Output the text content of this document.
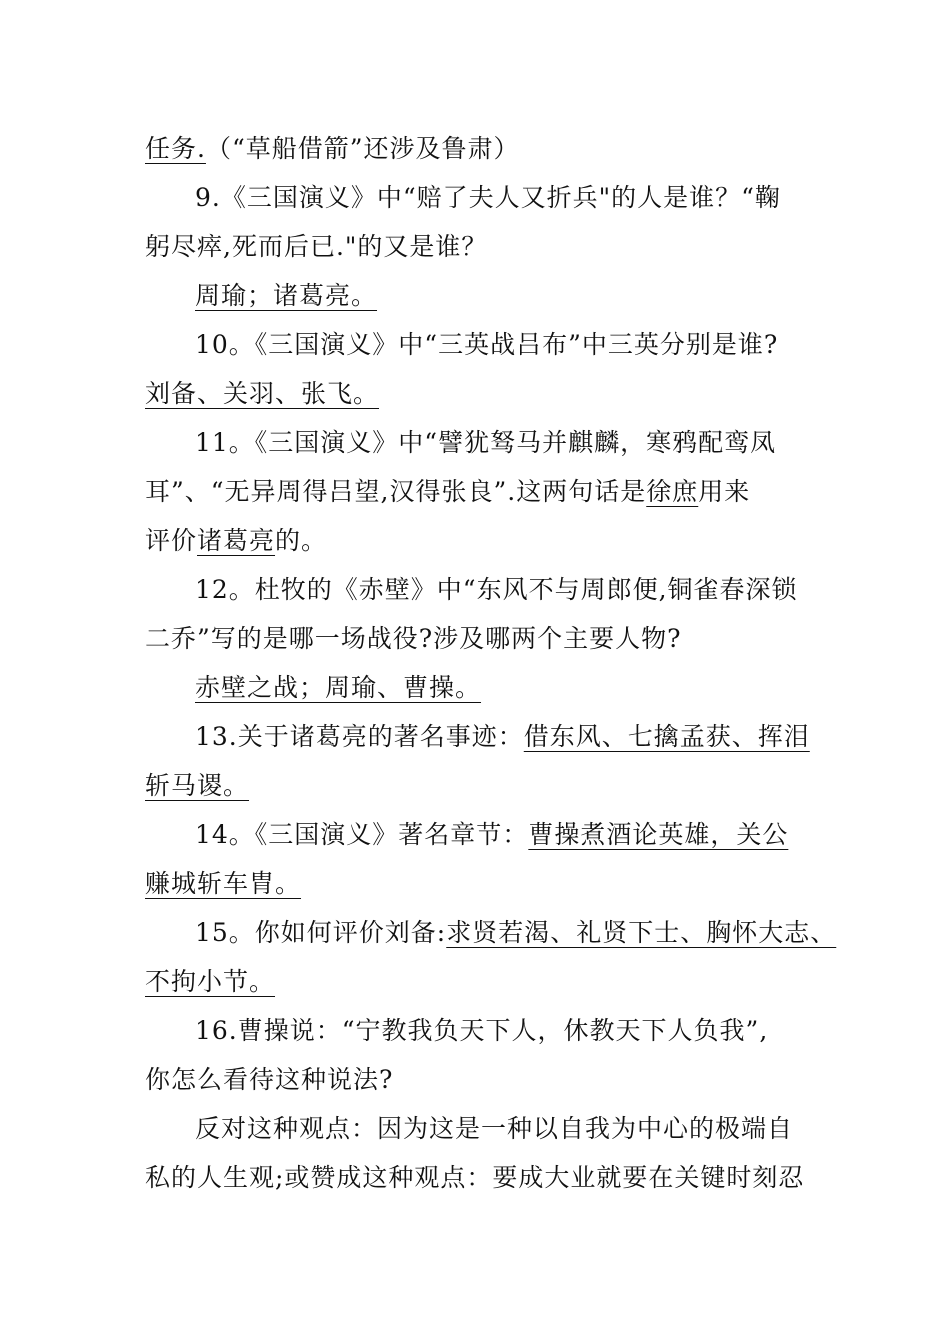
任务.（“草船借箭”还涉及鲁肃）

9.《三国演义》中“赔了夫人又折兵"的人是谁？“鞠

躬尽瘁,死而后已."的又是谁？

周瑜；诸葛亮。

10。《三国演义》中“三英战吕布”中三英分别是谁?

刘备、关羽、张飞。

11。《三国演义》中“譬犹驽马并麒麟，寒鸦配鸾凤

耳”、“无异周得吕望,汉得张良”.这两句话是徐庶用来

评价诸葛亮的。

12。杜牧的《赤壁》中“东风不与周郎便,铜雀春深锁

二乔”写的是哪一场战役?涉及哪两个主要人物?

赤壁之战；周瑜、曹操。

13.关于诸葛亮的著名事迹：借东风、七擒孟获、挥泪

斩马谡。

14。《三国演义》著名章节：曹操煮酒论英雄，关公

赚城斩车胄。

15。你如何评价刘备:求贤若渴、礼贤下士、胸怀大志、

不拘小节。

16.曹操说：“宁教我负天下人，休教天下人负我”,

你怎么看待这种说法?

反对这种观点：因为这是一种以自我为中心的极端自

私的人生观;或赞成这种观点：要成大业就要在关键时刻忍
